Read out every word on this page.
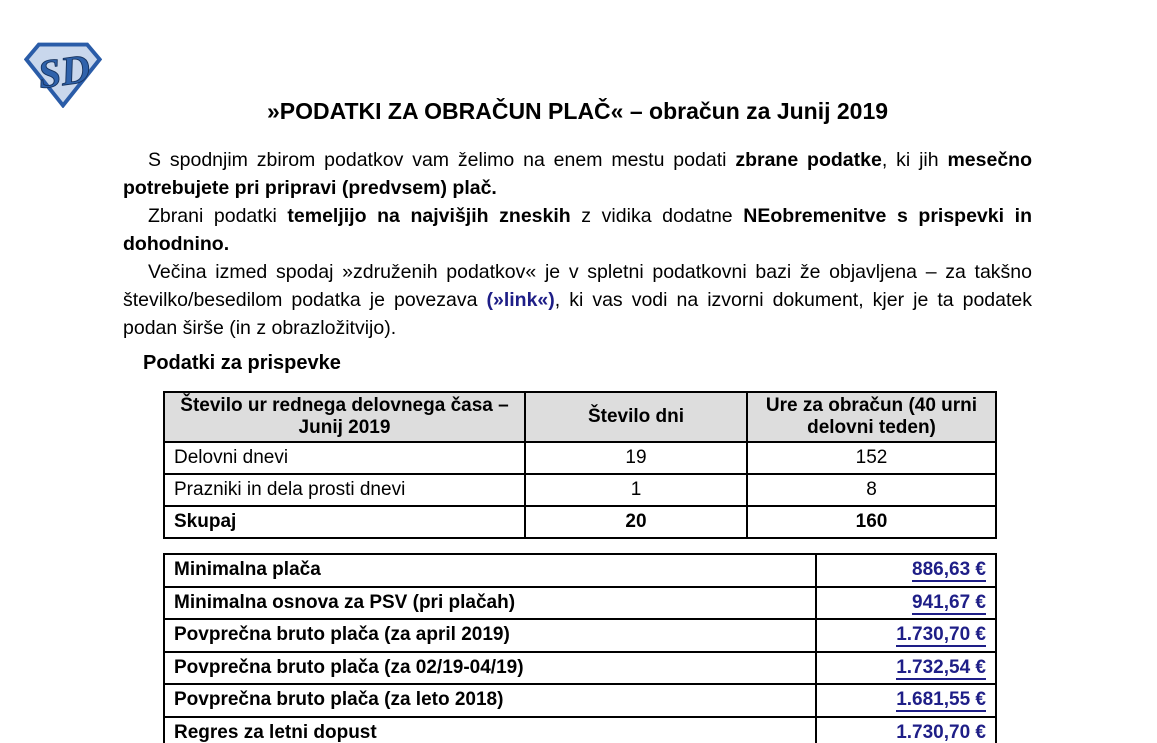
SD
»PODATKI ZA OBRAČUN PLAČ« – obračun za Junij 2019

S spodnjim zbirom podatkov vam želimo na enem mestu podati zbrane podatke, ki jih mesečno potrebujete pri pripravi (predvsem) plač.

Zbrani podatki temeljijo na najvišjih zneskih z vidika dodatne NEobremenitve s prispevki in dohodnino.

Večina izmed spodaj »združenih podatkov« je v spletni podatkovni bazi že objavljena – za takšno številko/besedilom podatka je povezava (»link«), ki vas vodi na izvorni dokument, kjer je ta podatek podan širše (in z obrazložitvijo).

Podatki za prispevke
Število ur rednega delovnega časa – Junij 2019	Število dni	Ure za obračun (40 urni delovni teden)
Delovni dnevi	19	152
Prazniki in dela prosti dnevi	1	8
Skupaj	20	160
Minimalna plača	886,63 €
Minimalna osnova za PSV (pri plačah)	941,67 €
Povprečna bruto plača (za april 2019)	1.730,70 €
Povprečna bruto plača (za 02/19-04/19)	1.732,54 €
Povprečna bruto plača (za leto 2018)	1.681,55 €
Regres za letni dopust	1.730,70 €
